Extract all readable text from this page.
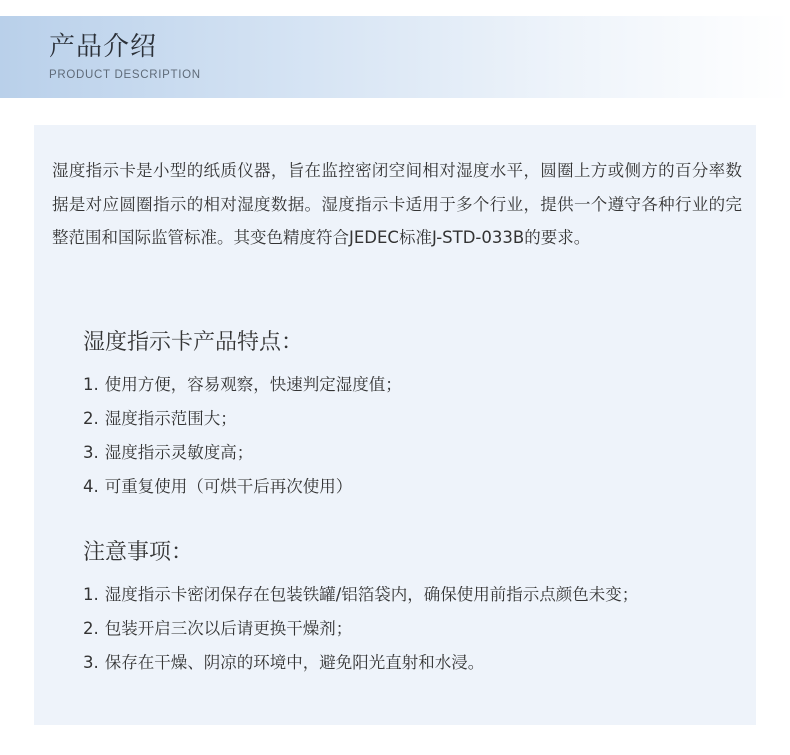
产品介绍
PRODUCT DESCRIPTION

湿度指示卡是小型的纸质仪器，旨在监控密闭空间相对湿度水平，圆圈上方或侧方的百分率数据是对应圆圈指示的相对湿度数据。湿度指示卡适用于多个行业，提供一个遵守各种行业的完整范围和国际监管标准。其变色精度符合JEDEC标准J-STD-033B的要求。

湿度指示卡产品特点：
1. 使用方便，容易观察，快速判定湿度值；
2. 湿度指示范围大；
3. 湿度指示灵敏度高；
4. 可重复使用（可烘干后再次使用）
注意事项：
1. 湿度指示卡密闭保存在包装铁罐/铝箔袋内，确保使用前指示点颜色未变；
2. 包装开启三次以后请更换干燥剂；
3. 保存在干燥、阴凉的环境中，避免阳光直射和水浸。
